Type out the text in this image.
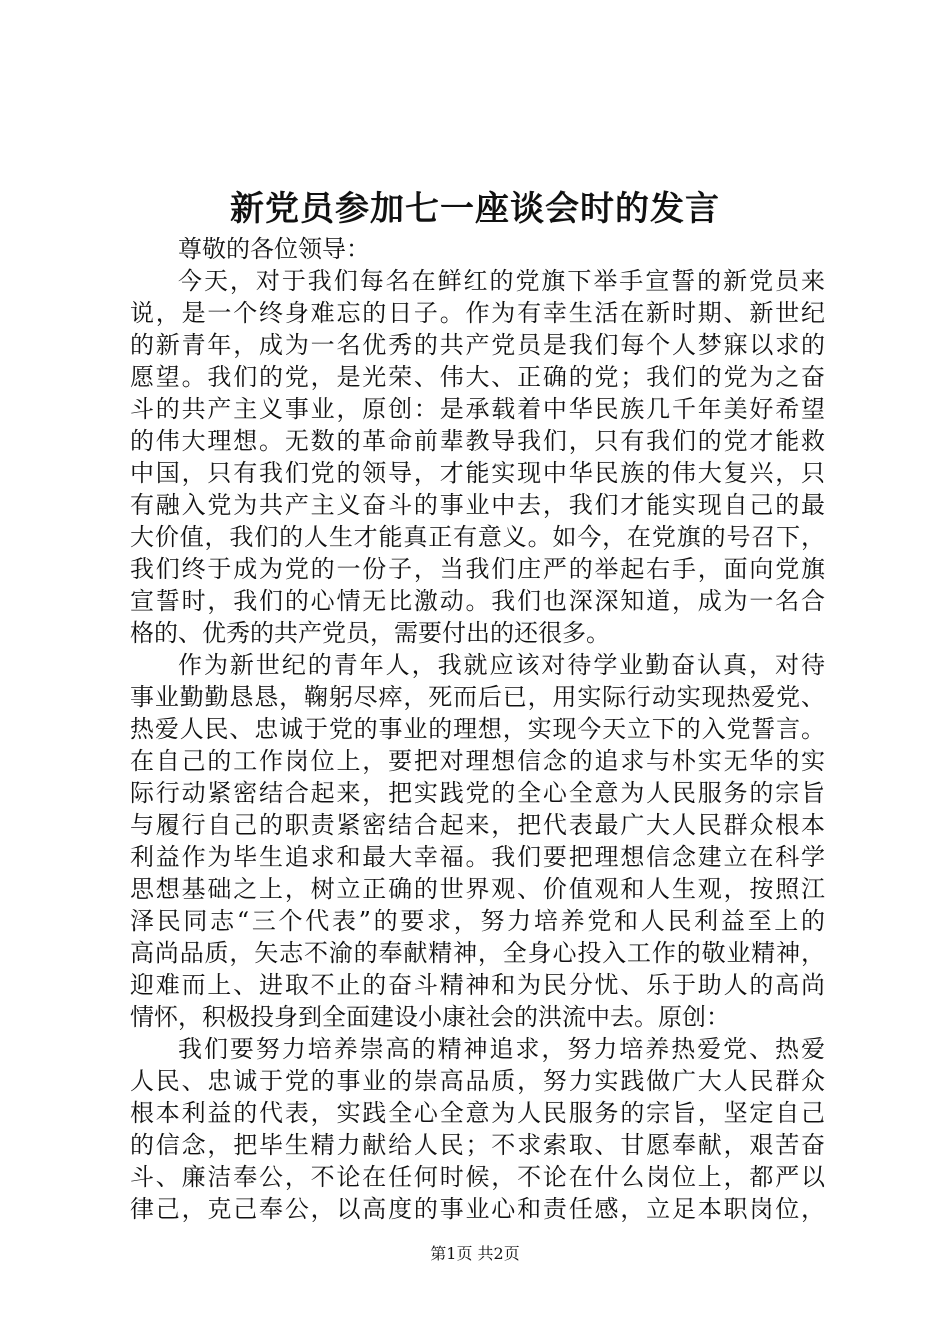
新党员参加七一座谈会时的发言
尊敬的各位领导：
今天，对于我们每名在鲜红的党旗下举手宣誓的新党员来
说，是一个终身难忘的日子。作为有幸生活在新时期、新世纪
的新青年，成为一名优秀的共产党员是我们每个人梦寐以求的
愿望。我们的党，是光荣、伟大、正确的党；我们的党为之奋
斗的共产主义事业，原创：是承载着中华民族几千年美好希望
的伟大理想。无数的革命前辈教导我们，只有我们的党才能救
中国，只有我们党的领导，才能实现中华民族的伟大复兴，只
有融入党为共产主义奋斗的事业中去，我们才能实现自己的最
大价值，我们的人生才能真正有意义。如今，在党旗的号召下，
我们终于成为党的一份子，当我们庄严的举起右手，面向党旗
宣誓时，我们的心情无比激动。我们也深深知道，成为一名合
格的、优秀的共产党员，需要付出的还很多。
作为新世纪的青年人，我就应该对待学业勤奋认真，对待
事业勤勤恳恳，鞠躬尽瘁，死而后已，用实际行动实现热爱党、
热爱人民、忠诚于党的事业的理想，实现今天立下的入党誓言。
在自己的工作岗位上，要把对理想信念的追求与朴实无华的实
际行动紧密结合起来，把实践党的全心全意为人民服务的宗旨
与履行自己的职责紧密结合起来，把代表最广大人民群众根本
利益作为毕生追求和最大幸福。我们要把理想信念建立在科学
思想基础之上，树立正确的世界观、价值观和人生观，按照江
泽民同志“三个代表”的要求，努力培养党和人民利益至上的
高尚品质，矢志不渝的奉献精神，全身心投入工作的敬业精神，
迎难而上、进取不止的奋斗精神和为民分忧、乐于助人的高尚
情怀，积极投身到全面建设小康社会的洪流中去。原创：
我们要努力培养崇高的精神追求，努力培养热爱党、热爱
人民、忠诚于党的事业的崇高品质，努力实践做广大人民群众
根本利益的代表，实践全心全意为人民服务的宗旨，坚定自己
的信念，把毕生精力献给人民；不求索取、甘愿奉献，艰苦奋
斗、廉洁奉公，不论在任何时候，不论在什么岗位上，都严以
律己，克己奉公，以高度的事业心和责任感，立足本职岗位，
第1页 共2页
